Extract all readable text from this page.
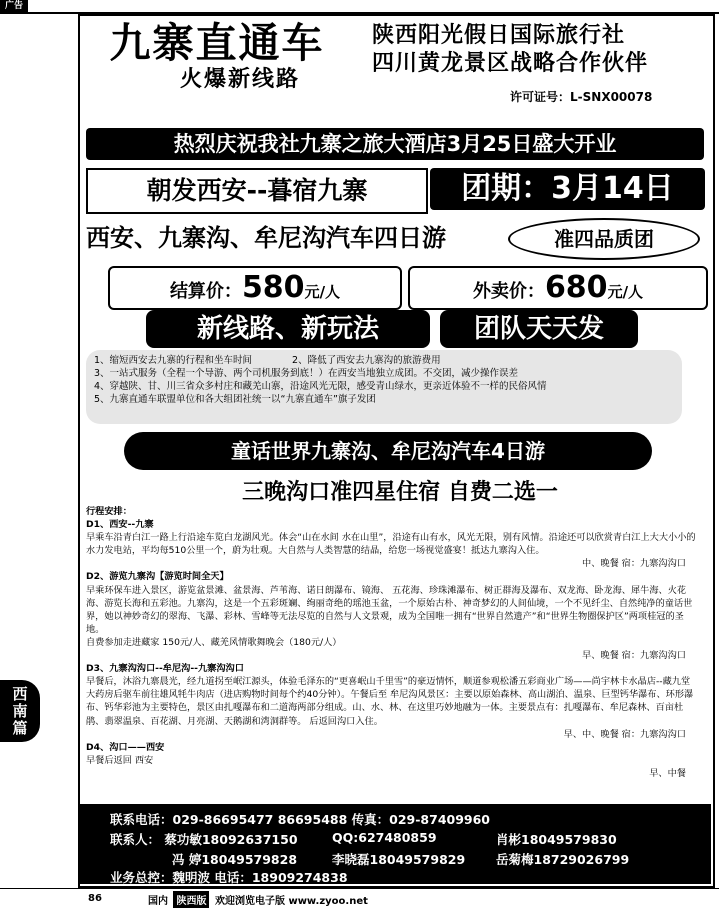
广告
九寨直通车
火爆新线路
陕西阳光假日国际旅行社
四川黄龙景区战略合作伙伴
许可证号：L-SNX00078
热烈庆祝我社九寨之旅大酒店3月25日盛大开业
朝发西安--暮宿九寨	团期：3月14日
西安、九寨沟、牟尼沟汽车四日游	准四品质团
结算价：580元/人	外卖价：680元/人
新线路、新玩法	团队天天发
1、缩短西安去九寨的行程和坐车时间	2、降低了西安去九寨沟的旅游费用
3、一站式服务（全程一个导游、两个司机服务到底！）在西安当地独立成团。不交团，减少操作误差
4、穿越陕、甘、川三省众多村庄和藏羌山寨，沿途风光无限，感受青山绿水，更亲近体验不一样的民俗风情
5、九寨直通车联盟单位和各大组团社统一以“九寨直通车”旗子发团
童话世界九寨沟、牟尼沟汽车4日游
三晚沟口准四星住宿 自费二选一

行程安排：

D1、西安--九寨

早乘车沿青白江一路上行沿途车览白龙湖风光。体会“山在水间 水在山里”，沿途有山有水，风光无限，别有风情。沿途还可以欣赏青白江上大大小小的水力发电站，平均每510公里一个，蔚为壮观。大自然与人类智慧的结晶，给您一场视觉盛宴！抵达九寨沟入住。

中、晚餐 宿：九寨沟沟口

D2、游览九寨沟【游览时间全天】

早乘环保车进入景区，游览盆景滩、盆景海、芦苇海、诺日朗瀑布、镜海、 五花海、珍珠滩瀑布、树正群海及瀑布、双龙海、卧龙海、犀牛海、火花海、游览长海和五彩池。九寨沟，这是一个五彩斑斓、绚丽奇绝的瑶池玉盆，一个原始古朴、神奇梦幻的人间仙境，一个不见纤尘、自然纯净的童话世界，她以神妙奇幻的翠海、飞瀑、彩林、雪峰等无法尽览的自然与人文景观，成为全国唯一拥有“世界自然遗产”和“世界生物圈保护区”两项桂冠的圣地。

自费参加走进藏家 150元/人、藏羌风情歌舞晚会（180元/人）

早、晚餐 宿：九寨沟沟口

D3、九寨沟沟口--牟尼沟--九寨沟沟口

早餐后，沐浴九寨晨光，经九道拐至岷江源头，体验毛泽东的“更喜岷山千里雪”的豪迈情怀，顺道参观松潘五彩商业广场——尚宇林卡水晶店--藏九堂大药房后驱车前往雄风牦牛肉店（进店购物时间每个约40分钟）。午餐后至 牟尼沟风景区：主要以原始森林、高山湖泊、温泉、巨型钙华瀑布、环形瀑布、钙华彩池为主要特色，景区由扎嘎瀑布和二道海两部分组成。山、水、林、在这里巧妙地融为一体。主要景点有：扎嘎瀑布、牟尼森林、百亩杜鹃、翡翠温泉、百花湖、月亮湖、天鹅湖和湾洞群等。 后返回沟口入住。

早、中、晚餐 宿：九寨沟沟口

D4、沟口——西安

早餐后返回 西安

早、中餐

西
南
篇
联系电话：029-86695477 86695488 传真：029-87409960
联系人： 蔡功敏18092637150	QQ:627480859	肖彬18049579830
冯 婷18049579828	李晓磊18049579829 岳菊梅18729026799
业务总控：魏明波 电话：18909274838
86	国内 陕西版 欢迎浏览电子版 www.zyoo.net
